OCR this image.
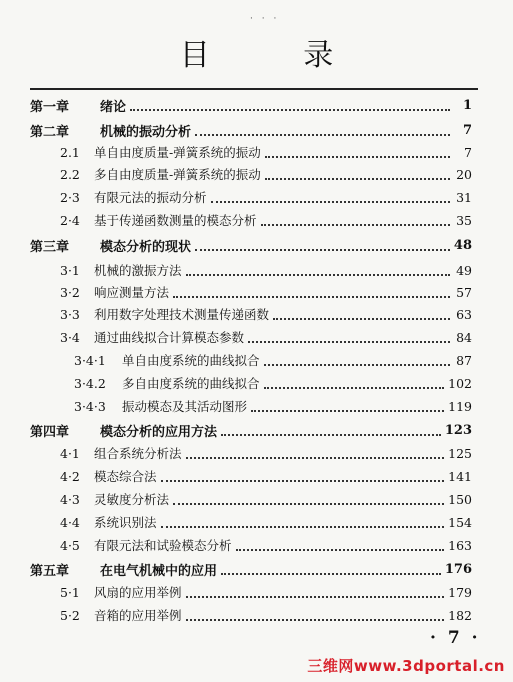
· · ·
目 录
第一章	绪论	1
第二章	机械的振动分析	7
2.1	单自由度质量-弹簧系统的振动	7
2.2	多自由度质量-弹簧系统的振动	20
2·3	有限元法的振动分析	31
2·4	基于传递函数测量的模态分析	35
第三章	模态分析的现状	48
3·1	机械的激振方法	49
3·2	响应测量方法	57
3·3	利用数字处理技术测量传递函数	63
3·4	通过曲线拟合计算模态参数	84
3·4·1	单自由度系统的曲线拟合	87
3·4.2	多自由度系统的曲线拟合	102
3·4·3	振动模态及其活动图形	119
第四章	模态分析的应用方法	123
4·1	组合系统分析法	125
4·2	模态综合法	141
4·3	灵敏度分析法	150
4·4	系统识别法	154
4·5	有限元法和试验模态分析	163
第五章	在电气机械中的应用	176
5·1	风扇的应用举例	179
5·2	音箱的应用举例	182
· 7 ·
三维网www.3dportal.cn
